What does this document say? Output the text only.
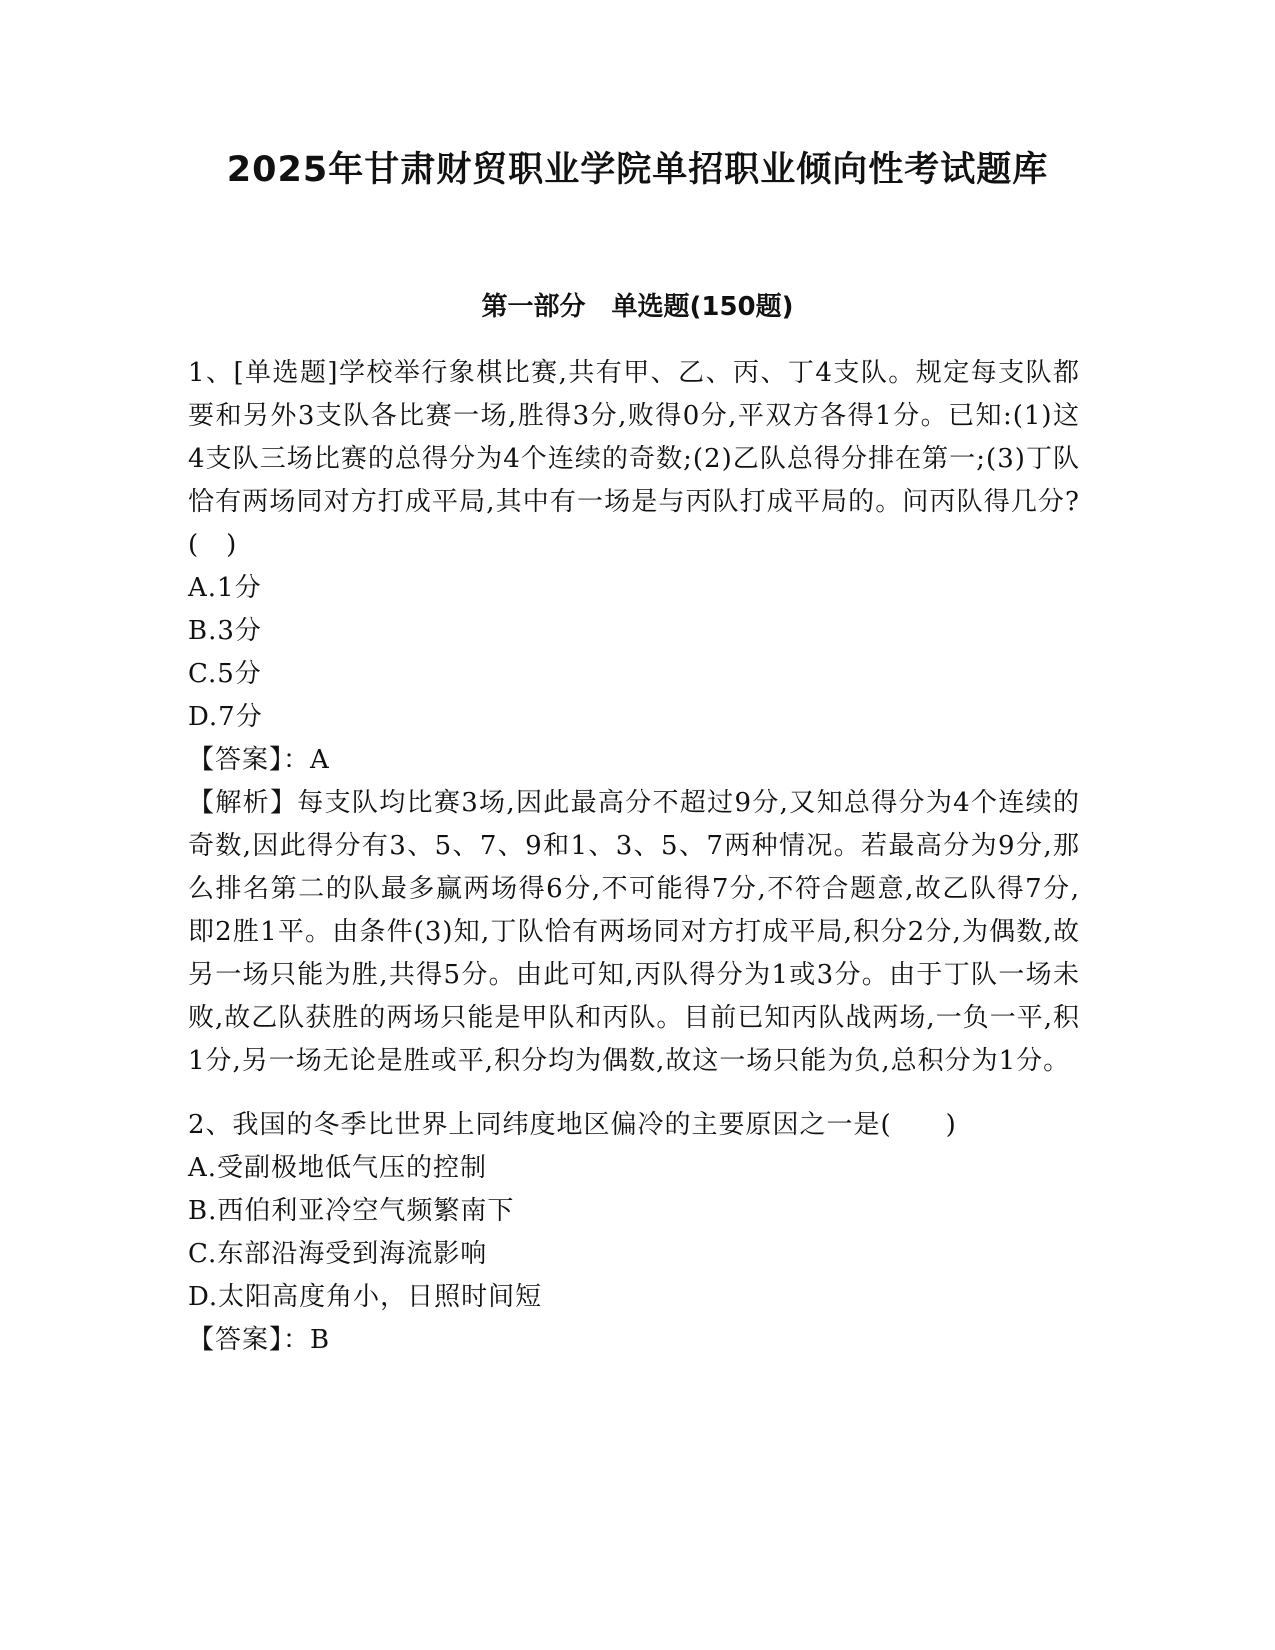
2025年甘肃财贸职业学院单招职业倾向性考试题库
第一部分　单选题(150题)

1、[单选题]学校举行象棋比赛,共有甲、乙、丙、丁4支队。规定每支队都要和另外3支队各比赛一场,胜得3分,败得0分,平双方各得1分。已知:(1)这4支队三场比赛的总得分为4个连续的奇数;(2)乙队总得分排在第一;(3)丁队恰有两场同对方打成平局,其中有一场是与丙队打成平局的。问丙队得几分?(　)

A.1分

B.3分

C.5分

D.7分

【答案】：A

【解析】每支队均比赛3场,因此最高分不超过9分,又知总得分为4个连续的奇数,因此得分有3、5、7、9和1、3、5、7两种情况。若最高分为9分,那么排名第二的队最多赢两场得6分,不可能得7分,不符合题意,故乙队得7分,即2胜1平。由条件(3)知,丁队恰有两场同对方打成平局,积分2分,为偶数,故另一场只能为胜,共得5分。由此可知,丙队得分为1或3分。由于丁队一场未败,故乙队获胜的两场只能是甲队和丙队。目前已知丙队战两场,一负一平,积1分,另一场无论是胜或平,积分均为偶数,故这一场只能为负,总积分为1分。

2、我国的冬季比世界上同纬度地区偏冷的主要原因之一是(　　)

A.受副极地低气压的控制

B.西伯利亚冷空气频繁南下

C.东部沿海受到海流影响

D.太阳高度角小，日照时间短

【答案】：B
